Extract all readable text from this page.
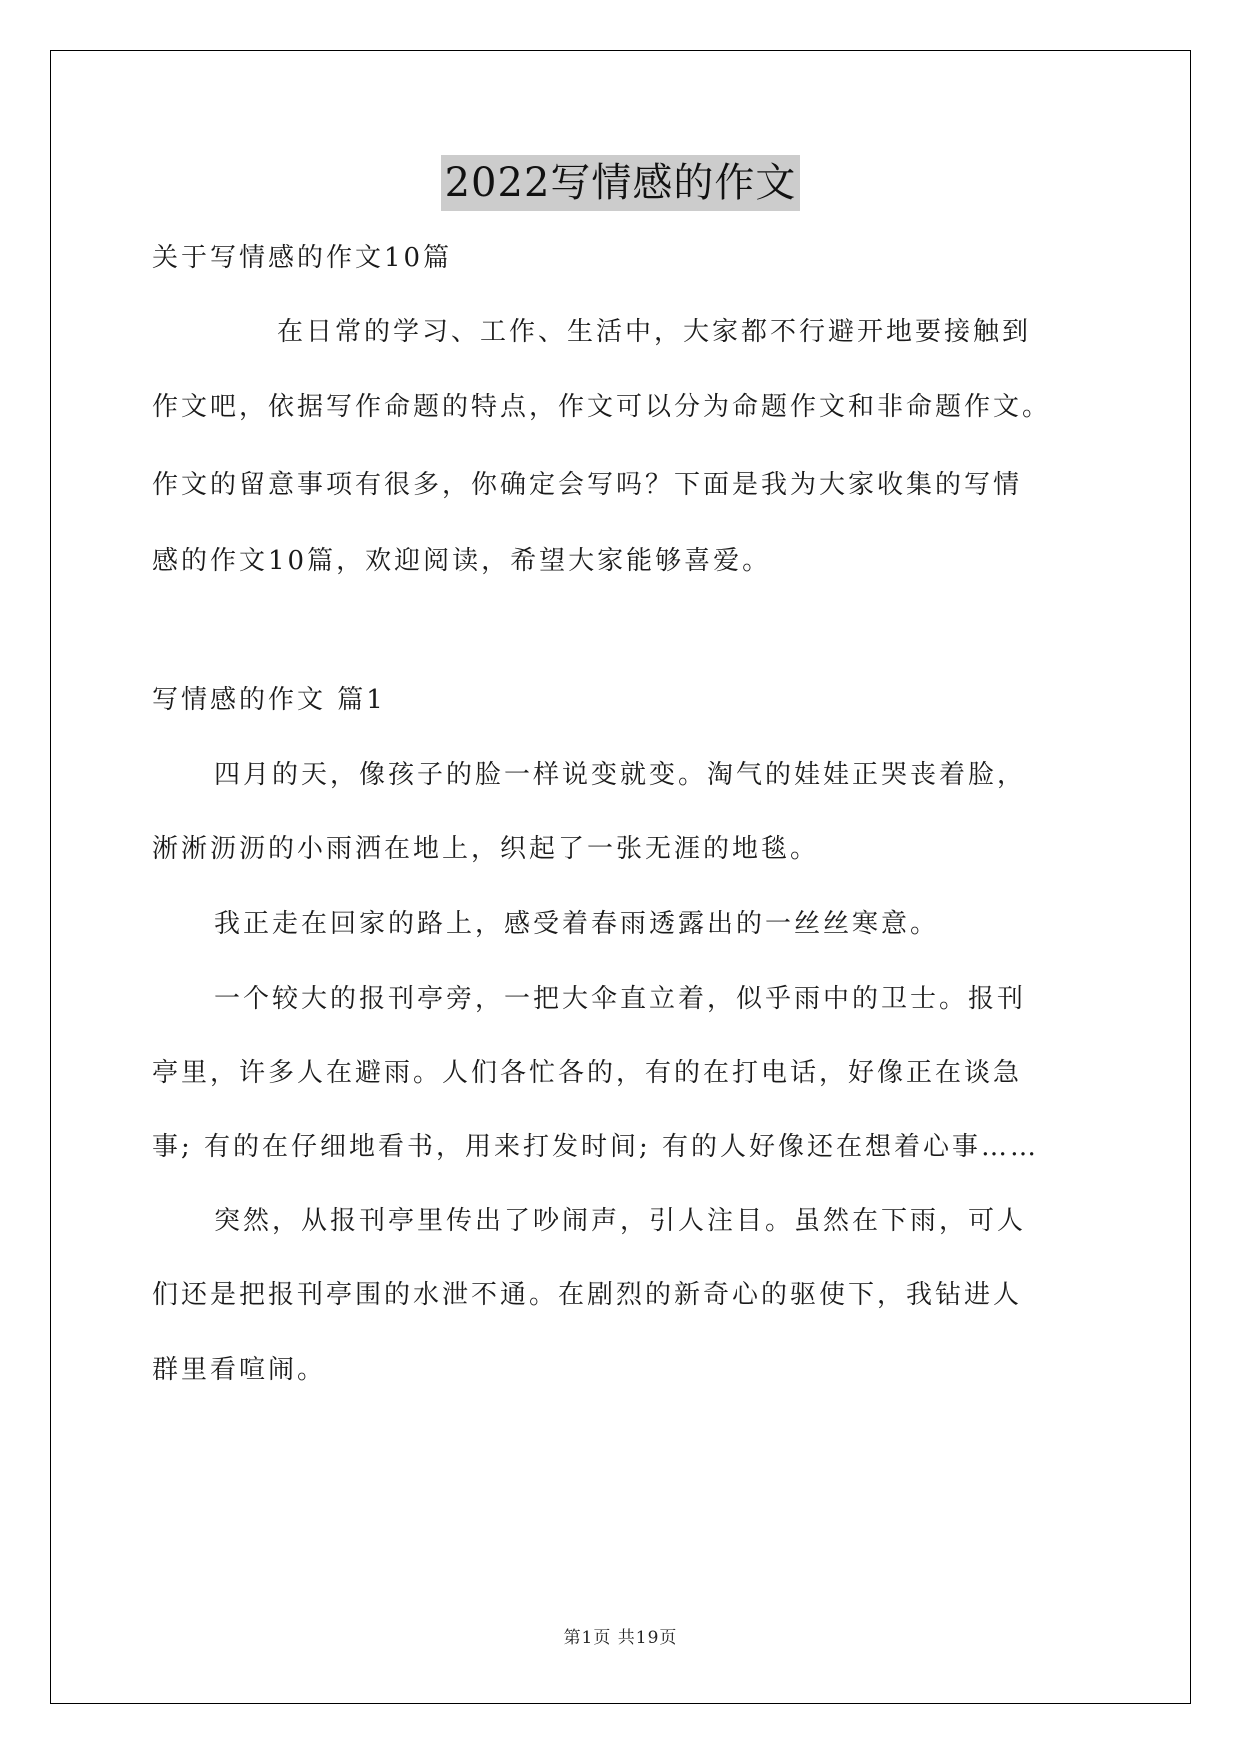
2022写情感的作文
关于写情感的作文10篇
在日常的学习、工作、生活中，大家都不行避开地要接触到
作文吧，依据写作命题的特点，作文可以分为命题作文和非命题作文。
作文的留意事项有很多，你确定会写吗？下面是我为大家收集的写情
感的作文10篇，欢迎阅读，希望大家能够喜爱。
写情感的作文 篇1
四月的天，像孩子的脸一样说变就变。淘气的娃娃正哭丧着脸，
淅淅沥沥的小雨洒在地上，织起了一张无涯的地毯。
我正走在回家的路上，感受着春雨透露出的一丝丝寒意。
一个较大的报刊亭旁，一把大伞直立着，似乎雨中的卫士。报刊
亭里，许多人在避雨。人们各忙各的，有的在打电话，好像正在谈急
事; 有的在仔细地看书，用来打发时间; 有的人好像还在想着心事……
突然，从报刊亭里传出了吵闹声，引人注目。虽然在下雨，可人
们还是把报刊亭围的水泄不通。在剧烈的新奇心的驱使下，我钻进人
群里看喧闹。
第1页 共19页
